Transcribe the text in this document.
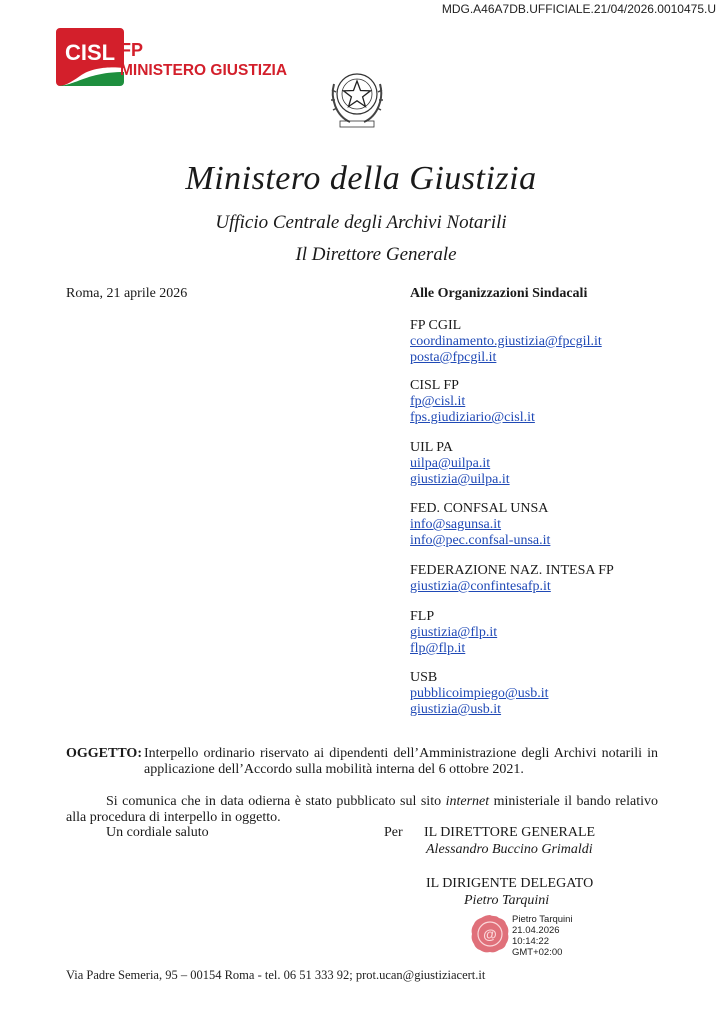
MDG.A46A7DB.UFFICIALE.21/04/2026.0010475.U
CISL FP
MINISTERO GIUSTIZIA
Ministero della Giustizia
Ufficio Centrale degli Archivi Notarili
Il Direttore Generale
Roma, 21 aprile 2026	Alle Organizzazioni Sindacali
FP CGIL
coordinamento.giustizia@fpcgil.it
posta@fpcgil.it
CISL FP
fp@cisl.it
fps.giudiziario@cisl.it
UIL PA
uilpa@uilpa.it
giustizia@uilpa.it
FED. CONFSAL UNSA
info@sagunsa.it
info@pec.confsal-unsa.it
FEDERAZIONE NAZ. INTESA FP
giustizia@confintesafp.it
FLP
giustizia@flp.it
flp@flp.it
USB
pubblicoimpiego@usb.it
giustizia@usb.it
OGGETTO: Interpello ordinario riservato ai dipendenti dell’Amministrazione degli Archivi notarili in applicazione dell’Accordo sulla mobilità interna del 6 ottobre 2021.
Si comunica che in data odierna è stato pubblicato sul sito internet ministeriale il bando relativo alla procedura di interpello in oggetto.
Un cordiale saluto	Per IL DIRETTORE GENERALE
Alessandro Buccino Grimaldi
IL DIRIGENTE DELEGATO
Pietro Tarquini
@
Pietro Tarquini
21.04.2026
10:14:22
GMT+02:00
Via Padre Semeria, 95 – 00154 Roma - tel. 06 51 333 92; prot.ucan@giustiziacert.it
